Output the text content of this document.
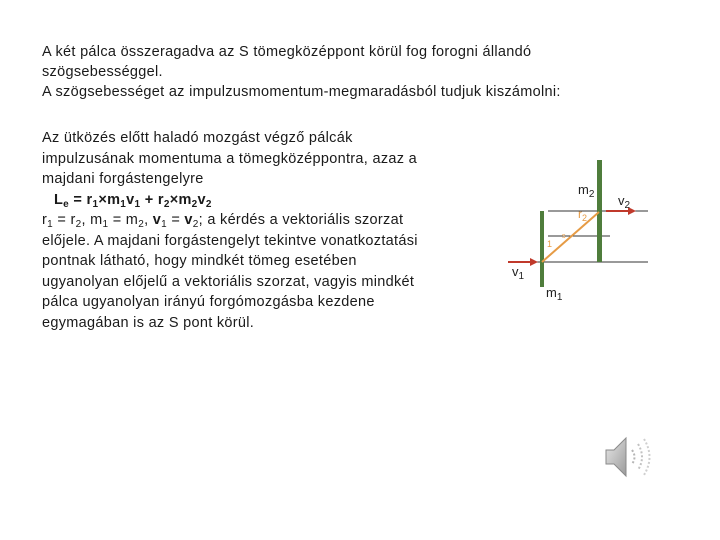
A két pálca összeragadva az S tömegközéppont körül fog forogni állandó

szögsebességgel.

A szögsebességet az impulzusmomentum-megmaradásból tudjuk kiszámolni:

Az ütközés előtt haladó mozgást végző pálcák

impulzusának momentuma a tömegközéppontra, azaz a

majdani forgástengelyre

$L_e = r_1\times m_1v_1 + r_2\times m_2v_2$

$r_1 = r_2$, $m_1 = m_2$, $v_1 = v_2$; a kérdés a vektoriális szorzat

előjele. A majdani forgástengelyt tekintve vonatkoztatási

pontnak látható, hogy mindkét tömeg esetében

ugyanolyan előjelű a vektoriális szorzat, vagyis mindkét

pálca ugyanolyan irányú forgómozgásba kezdene

egymagában is az S pont körül.

$m_2$ $v_2$
$r_2$
1
s
$v_1$
$m_1$
